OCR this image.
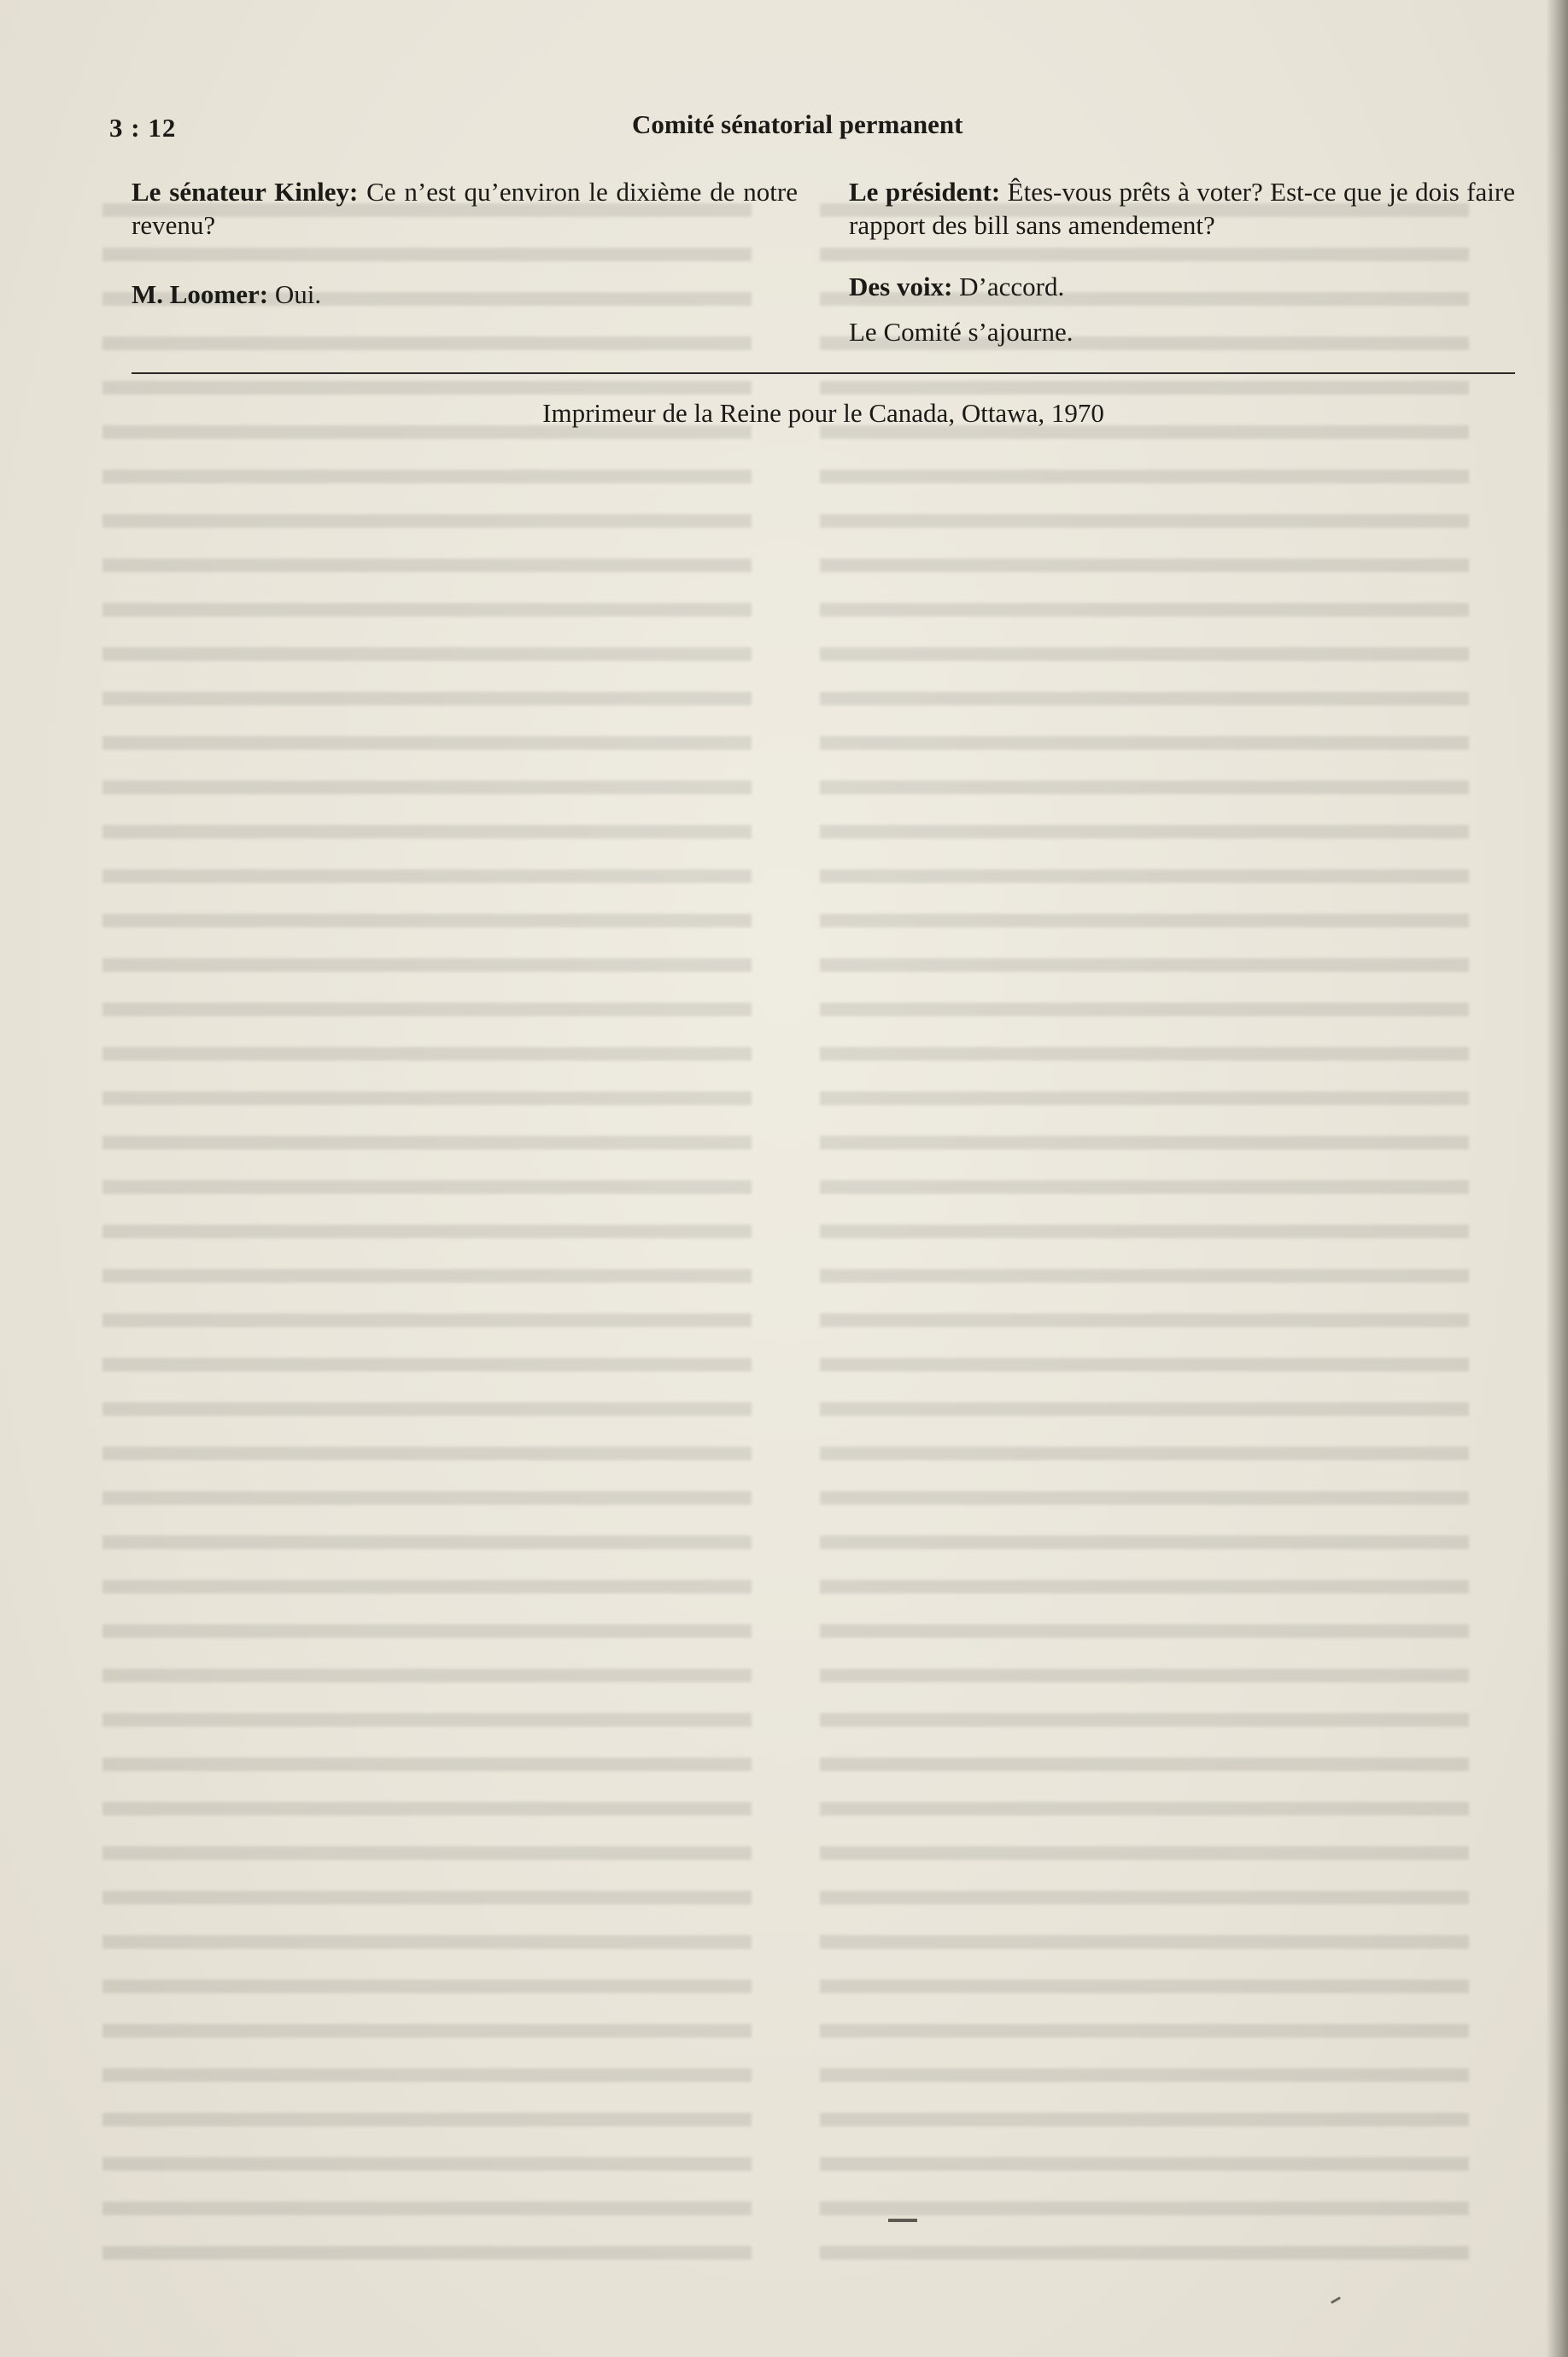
3 : 12	Comité sénatorial permanent

Le sénateur Kinley: Ce n’est qu’environ le dixième de notre revenu?

M. Loomer: Oui.

Le président: Êtes-vous prêts à voter? Est-ce que je dois faire rapport des bill sans amendement?

Des voix: D’accord.

Le Comité s’ajourne.

Imprimeur de la Reine pour le Canada, Ottawa, 1970
